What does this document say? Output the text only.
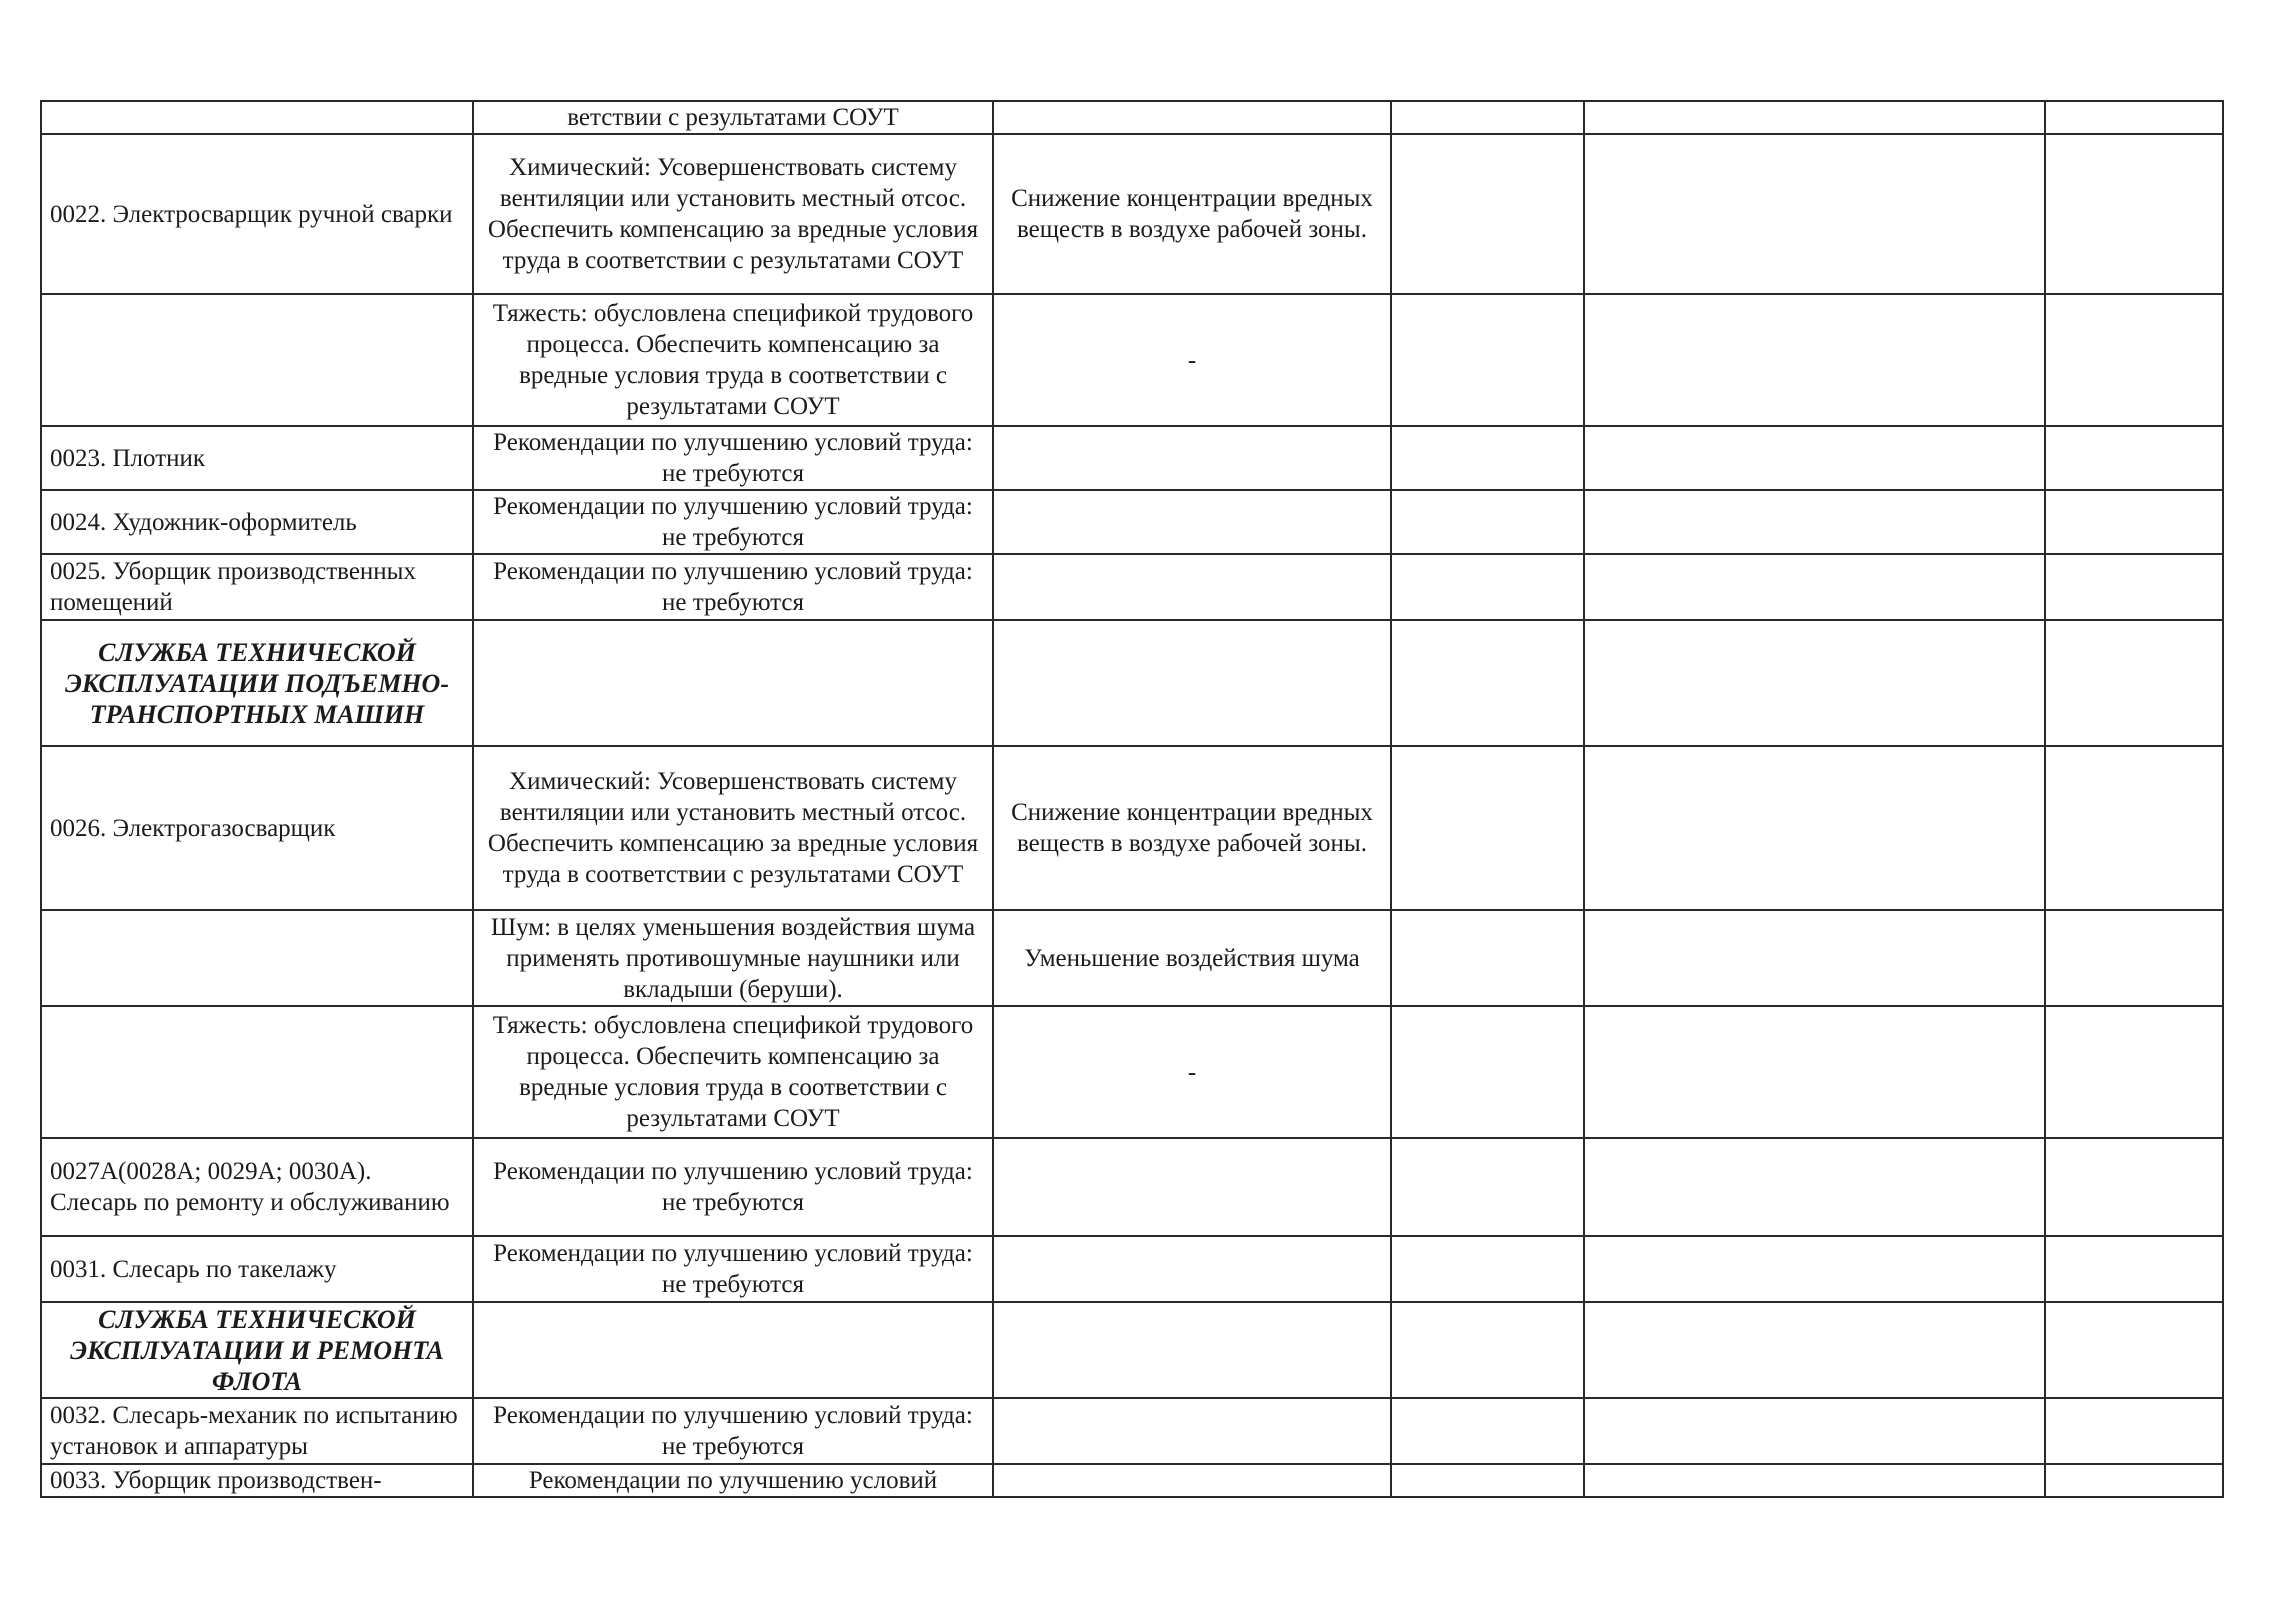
	ветствии с результатами СОУТ				
0022. Электросварщик ручной сварки	Химический: Усовершенствовать систему вентиляции или установить местный отсос. Обеспечить компенсацию за вредные условия труда в соответствии с результатами СОУТ	Снижение концентрации вредных веществ в воздухе рабочей зоны.			
	Тяжесть: обусловлена спецификой трудового процесса. Обеспечить компенсацию за вредные условия труда в соответствии с результатами СОУТ	-			
0023. Плотник	Рекомендации по улучшению условий труда: не требуются				
0024. Художник-оформитель	Рекомендации по улучшению условий труда: не требуются				
0025. Уборщик производственных помещений	Рекомендации по улучшению условий труда: не требуются				
СЛУЖБА ТЕХНИЧЕСКОЙ ЭКСПЛУАТАЦИИ ПОДЪЕМНО-ТРАНСПОРТНЫХ МАШИН					
0026. Электрогазосварщик	Химический: Усовершенствовать систему вентиляции или установить местный отсос. Обеспечить компенсацию за вредные условия труда в соответствии с результатами СОУТ	Снижение концентрации вредных веществ в воздухе рабочей зоны.			
	Шум: в целях уменьшения воздействия шума применять противошумные наушники или вкладыши (беруши).	Уменьшение воздействия шума			
	Тяжесть: обусловлена спецификой трудового процесса. Обеспечить компенсацию за вредные условия труда в соответствии с результатами СОУТ	-			
0027А(0028А; 0029А; 0030А). Слесарь по ремонту и обслуживанию	Рекомендации по улучшению условий труда: не требуются				
0031. Слесарь по такелажу	Рекомендации по улучшению условий труда: не требуются				
СЛУЖБА ТЕХНИЧЕСКОЙ ЭКСПЛУАТАЦИИ И РЕМОНТА ФЛОТА					
0032. Слесарь-механик по испытанию установок и аппаратуры	Рекомендации по улучшению условий труда: не требуются				
0033. Уборщик производствен-	Рекомендации по улучшению условий				
